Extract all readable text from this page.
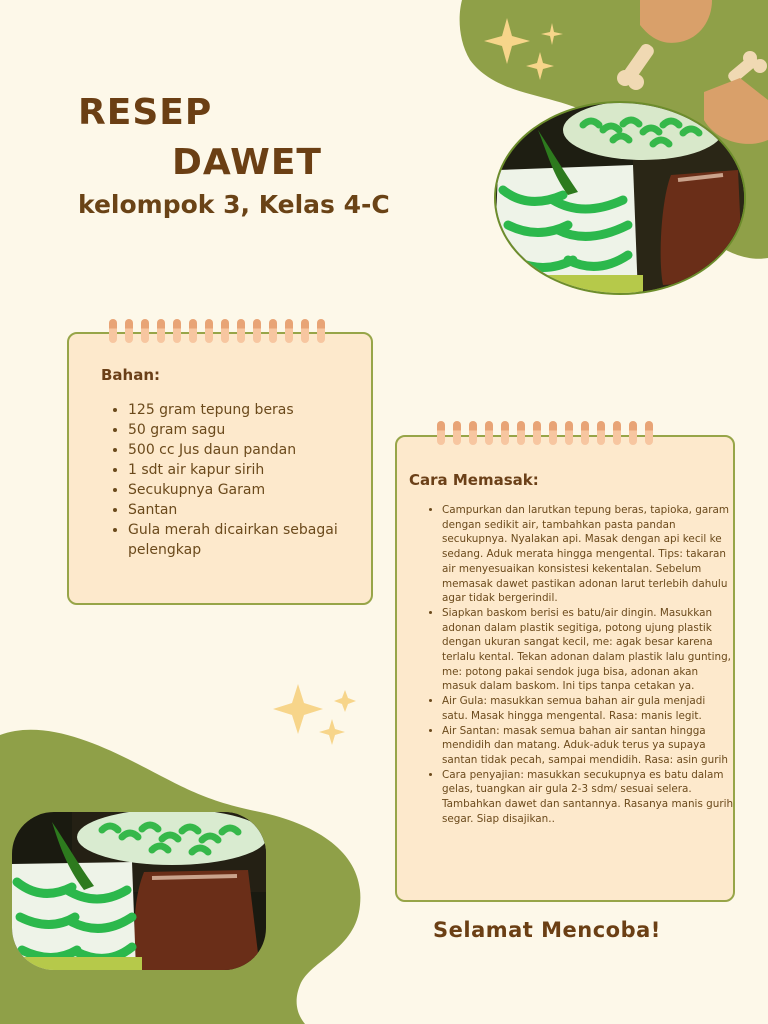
RESEP
DAWET
kelompok 3, Kelas 4-C
Bahan:
• 125 gram tepung beras
• 50 gram sagu
• 500 cc Jus daun pandan
• 1 sdt air kapur sirih
• Secukupnya Garam
• Santan
• Gula merah dicairkan sebagai pelengkap
Cara Memasak:
• Campurkan dan larutkan tepung beras, tapioka, garam dengan sedikit air, tambahkan pasta pandan secukupnya. Nyalakan api. Masak dengan api kecil ke sedang. Aduk merata hingga mengental. Tips: takaran air menyesuaikan konsistesi kekentalan. Sebelum memasak dawet pastikan adonan larut terlebih dahulu agar tidak bergerindil.
• Siapkan baskom berisi es batu/air dingin. Masukkan adonan dalam plastik segitiga, potong ujung plastik dengan ukuran sangat kecil, me: agak besar karena terlalu kental. Tekan adonan dalam plastik lalu gunting, me: potong pakai sendok juga bisa, adonan akan masuk dalam baskom. Ini tips tanpa cetakan ya.
• Air Gula: masukkan semua bahan air gula menjadi satu. Masak hingga mengental. Rasa: manis legit.
• Air Santan: masak semua bahan air santan hingga mendidih dan matang. Aduk-aduk terus ya supaya santan tidak pecah, sampai mendidih. Rasa: asin gurih
• Cara penyajian: masukkan secukupnya es batu dalam gelas, tuangkan air gula 2-3 sdm/ sesuai selera. Tambahkan dawet dan santannya. Rasanya manis gurih segar. Siap disajikan..
Selamat Mencoba!
